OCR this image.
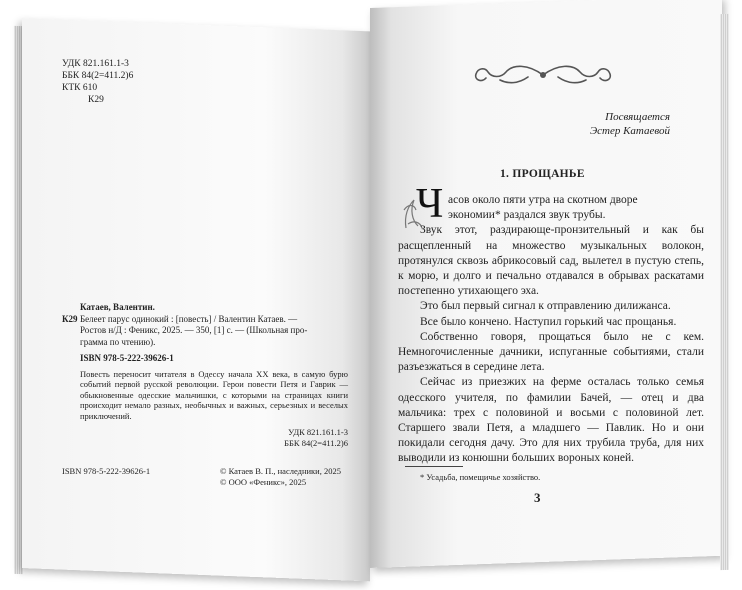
УДК 821.161.1-3
ББК 84(2=411.2)6
КТК 610
К29
Катаев, Валентин.
К29 Белеет парус одинокий : [повесть] / Валентин Катаев. —
Ростов н/Д : Феникс, 2025. — 350, [1] с. — (Школьная про-
грамма по чтению).
ISBN 978-5-222-39626-1
Повесть переносит читателя в Одессу начала XX века, в самую бурю событий первой русской революции. Герои повести Петя и Гаврик — обыкновенные одесские мальчишки, с которыми на страницах книги происходит немало разных, необычных и важных, серьезных и веселых приключений.
УДК 821.161.1-3
ББК 84(2=411.2)6
ISBN 978-5-222-39626-1	© Катаев В. П., наследники, 2025
© ООО «Феникс», 2025
Посвящается
Эстер Катаевой
1. ПРОЩАНЬЕ
Ч асов около пяти утра на скотном дворе

экономии* раздался звук трубы.

Звук этот, раздирающе-пронзительный и как бы расщепленный на множество музыкальных волокон, протянулся сквозь абрикосовый сад, вылетел в пустую степь, к морю, и долго и печально отдавался в обрывах раскатами постепенно утихающего эха.

Это был первый сигнал к отправлению дилижанса.

Все было кончено. Наступил горький час прощанья.

Собственно говоря, прощаться было не с кем. Немногочисленные дачники, испуганные событиями, стали разъезжаться в середине лета.

Сейчас из приезжих на ферме осталась только семья одесского учителя, по фамилии Бачей, — отец и два мальчика: трех с половиной и восьми с половиной лет. Старшего звали Петя, а младшего — Павлик. Но и они покидали сегодня дачу. Это для них трубила труба, для них выводили из конюшни больших вороных коней.

* Усадьба, помещичье хозяйство.
3
